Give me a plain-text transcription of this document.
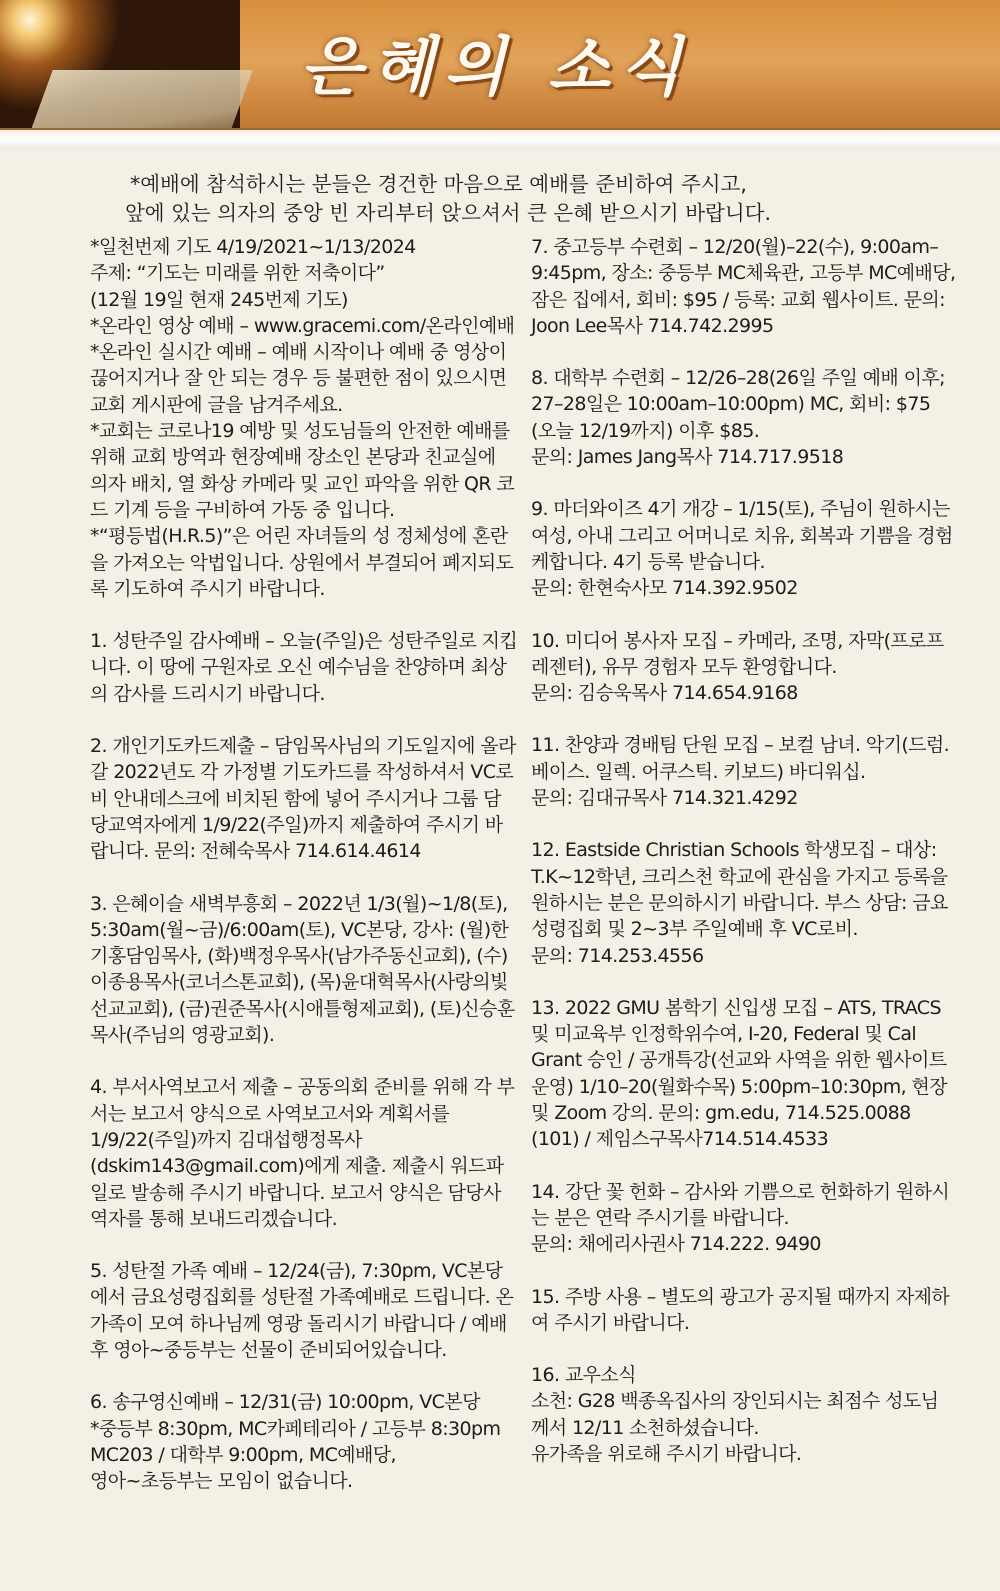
은혜의 소식

*예배에 참석하시는 분들은 경건한 마음으로 예배를 준비하여 주시고,

앞에 있는 의자의 중앙 빈 자리부터 앉으셔서 큰 은혜 받으시기 바랍니다.

*일천번제 기도 4/19/2021~1/13/2024

주제: “기도는 미래를 위한 저축이다”

(12월 19일 현재 245번제 기도)

*온라인 영상 예배 – www.gracemi.com/온라인예배

*온라인 실시간 예배 – 예배 시작이나 예배 중 영상이 끊어지거나 잘 안 되는 경우 등 불편한 점이 있으시면 교회 게시판에 글을 남겨주세요.

*교회는 코로나19 예방 및 성도님들의 안전한 예배를 위해 교회 방역과 현장예배 장소인 본당과 친교실에 의자 배치, 열 화상 카메라 및 교인 파악을 위한 QR 코드 기계 등을 구비하여 가동 중 입니다.

*“평등법(H.R.5)”은 어린 자녀들의 성 정체성에 혼란을 가져오는 악법입니다. 상원에서 부결되어 폐지되도록 기도하여 주시기 바랍니다.

1. 성탄주일 감사예배 – 오늘(주일)은 성탄주일로 지킵니다. 이 땅에 구원자로 오신 예수님을 찬양하며 최상의 감사를 드리시기 바랍니다.

2. 개인기도카드제출 – 담임목사님의 기도일지에 올라갈 2022년도 각 가정별 기도카드를 작성하셔서 VC로비 안내데스크에 비치된 함에 넣어 주시거나 그룹 담당교역자에게 1/9/22(주일)까지 제출하여 주시기 바랍니다. 문의: 전혜숙목사 714.614.4614

3. 은혜이슬 새벽부흥회 – 2022년 1/3(월)~1/8(토), 5:30am(월~금)/6:00am(토), VC본당, 강사: (월)한기홍담임목사, (화)백정우목사(남가주동신교회), (수)이종용목사(코너스톤교회), (목)윤대혁목사(사랑의빛선교교회), (금)권준목사(시애틀형제교회), (토)신승훈목사(주님의 영광교회).

4. 부서사역보고서 제출 – 공동의회 준비를 위해 각 부서는 보고서 양식으로 사역보고서와 계획서를 1/9/22(주일)까지 김대섭행정목사(dskim143@gmail.com)에게 제출. 제출시 워드파일로 발송해 주시기 바랍니다. 보고서 양식은 담당사역자를 통해 보내드리겠습니다.

5. 성탄절 가족 예배 – 12/24(금), 7:30pm, VC본당에서 금요성령집회를 성탄절 가족예배로 드립니다. 온 가족이 모여 하나님께 영광 돌리시기 바랍니다 / 예배후 영아~중등부는 선물이 준비되어있습니다.

6. 송구영신예배 – 12/31(금) 10:00pm, VC본당

*중등부 8:30pm, MC카페테리아 / 고등부 8:30pm MC203 / 대학부 9:00pm, MC예배당,

영아~초등부는 모임이 없습니다.

7. 중고등부 수련회 – 12/20(월)–22(수), 9:00am–9:45pm, 장소: 중등부 MC체육관, 고등부 MC예배당, 잠은 집에서, 회비: $95 / 등록: 교회 웹사이트. 문의: Joon Lee목사 714.742.2995

8. 대학부 수련회 – 12/26–28(26일 주일 예배 이후; 27–28일은 10:00am–10:00pm) MC, 회비: $75 (오늘 12/19까지) 이후 $85.

문의: James Jang목사 714.717.9518

9. 마더와이즈 4기 개강 – 1/15(토), 주님이 원하시는 여성, 아내 그리고 어머니로 치유, 회복과 기쁨을 경험케합니다. 4기 등록 받습니다.

문의: 한현숙사모 714.392.9502

10. 미디어 봉사자 모집 – 카메라, 조명, 자막(프로프레젠터), 유무 경험자 모두 환영합니다.

문의: 김승욱목사 714.654.9168

11. 찬양과 경배팀 단원 모집 – 보컬 남녀. 악기(드럼. 베이스. 일렉. 어쿠스틱. 키보드) 바디워십.

문의: 김대규목사 714.321.4292

12. Eastside Christian Schools 학생모집 – 대상: T.K~12학년, 크리스천 학교에 관심을 가지고 등록을 원하시는 분은 문의하시기 바랍니다. 부스 상담: 금요성령집회 및 2~3부 주일예배 후 VC로비.

문의: 714.253.4556

13. 2022 GMU 봄학기 신입생 모집 – ATS, TRACS 및 미교육부 인정학위수여, I-20, Federal 및 Cal Grant 승인 / 공개특강(선교와 사역을 위한 웹사이트 운영) 1/10–20(월화수목) 5:00pm–10:30pm, 현장 및 Zoom 강의. 문의: gm.edu, 714.525.0088 (101) / 제임스구목사714.514.4533

14. 강단 꽃 헌화 – 감사와 기쁨으로 헌화하기 원하시는 분은 연락 주시기를 바랍니다.

문의: 채에리사권사 714.222. 9490

15. 주방 사용 – 별도의 광고가 공지될 때까지 자제하여 주시기 바랍니다.

16. 교우소식

소천: G28 백종옥집사의 장인되시는 최점수 성도님께서 12/11 소천하셨습니다.

유가족을 위로해 주시기 바랍니다.
